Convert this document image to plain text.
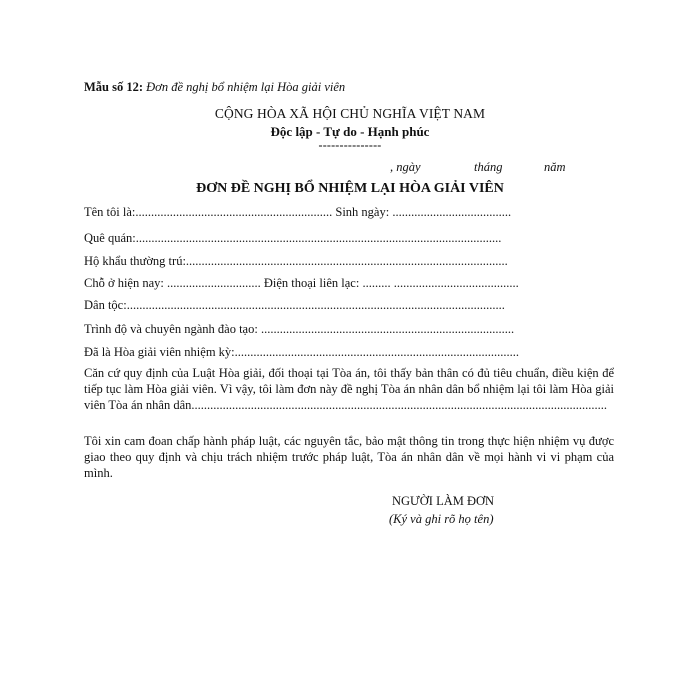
Mẫu số 12: Đơn đề nghị bổ nhiệm lại Hòa giải viên
CỘNG HÒA XÃ HỘI CHỦ NGHĨA VIỆT NAM
Độc lập - Tự do - Hạnh phúc
---------------
, ngày	tháng	năm
ĐƠN ĐỀ NGHỊ BỔ NHIỆM LẠI HÒA GIẢI VIÊN
Tên tôi là:............................................................... Sinh ngày: ......................................
Quê quán:.....................................................................................................................
Hộ khẩu thường trú:.......................................................................................................
Chỗ ở hiện nay: .............................. Điện thoại liên lạc: ......... ........................................
Dân tộc:.........................................................................................................................
Trình độ và chuyên ngành đào tạo: .................................................................................
Đã là Hòa giải viên nhiệm kỳ:...........................................................................................
Căn cứ quy định của Luật Hòa giải, đối thoại tại Tòa án, tôi thấy bản thân có đủ tiêu chuẩn, điều kiện để tiếp tục làm Hòa giải viên. Vì vậy, tôi làm đơn này đề nghị Tòa án nhân dân bổ nhiệm lại tôi làm Hòa giải viên Tòa án nhân dân.....................................................................................................................................
Tôi xin cam đoan chấp hành pháp luật, các nguyên tắc, bảo mật thông tin trong thực hiện nhiệm vụ được giao theo quy định và chịu trách nhiệm trước pháp luật, Tòa án nhân dân về mọi hành vi vi phạm của mình.
NGƯỜI LÀM ĐƠN
(Ký và ghi rõ họ tên)
